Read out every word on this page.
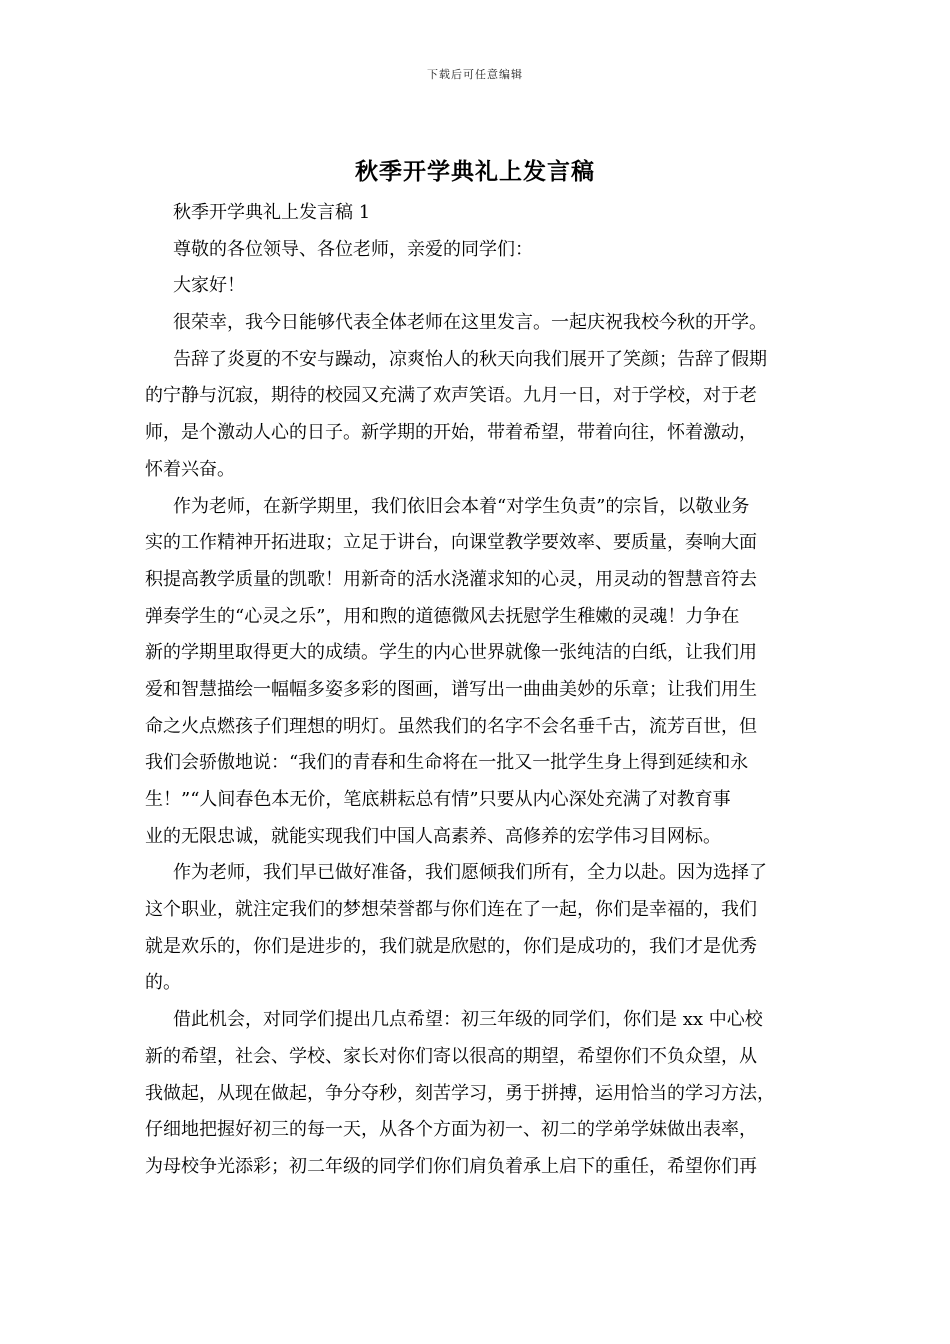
下载后可任意编辑
秋季开学典礼上发言稿
秋季开学典礼上发言稿 1
尊敬的各位领导、各位老师，亲爱的同学们：
大家好！
很荣幸，我今日能够代表全体老师在这里发言。一起庆祝我校今秋的开学。
告辞了炎夏的不安与躁动，凉爽怡人的秋天向我们展开了笑颜；告辞了假期
的宁静与沉寂，期待的校园又充满了欢声笑语。九月一日，对于学校，对于老
师，是个激动人心的日子。新学期的开始，带着希望，带着向往，怀着激动，
怀着兴奋。
作为老师，在新学期里，我们依旧会本着“对学生负责”的宗旨，以敬业务
实的工作精神开拓进取；立足于讲台，向课堂教学要效率、要质量，奏响大面
积提高教学质量的凯歌！用新奇的活水浇灌求知的心灵，用灵动的智慧音符去
弹奏学生的“心灵之乐”，用和煦的道德微风去抚慰学生稚嫩的灵魂！力争在
新的学期里取得更大的成绩。学生的内心世界就像一张纯洁的白纸，让我们用
爱和智慧描绘一幅幅多姿多彩的图画，谱写出一曲曲美妙的乐章；让我们用生
命之火点燃孩子们理想的明灯。虽然我们的名字不会名垂千古，流芳百世，但
我们会骄傲地说：“我们的青春和生命将在一批又一批学生身上得到延续和永
生！”“人间春色本无价，笔底耕耘总有情”只要从内心深处充满了对教育事
业的无限忠诚，就能实现我们中国人高素养、高修养的宏学伟习目网标。
作为老师，我们早已做好准备，我们愿倾我们所有，全力以赴。因为选择了
这个职业，就注定我们的梦想荣誉都与你们连在了一起，你们是幸福的，我们
就是欢乐的，你们是进步的，我们就是欣慰的，你们是成功的，我们才是优秀
的。
借此机会，对同学们提出几点希望：初三年级的同学们，你们是 xx 中心校
新的希望，社会、学校、家长对你们寄以很高的期望，希望你们不负众望，从
我做起，从现在做起，争分夺秒，刻苦学习，勇于拼搏，运用恰当的学习方法，
仔细地把握好初三的每一天，从各个方面为初一、初二的学弟学妹做出表率，
为母校争光添彩；初二年级的同学们你们肩负着承上启下的重任，希望你们再
